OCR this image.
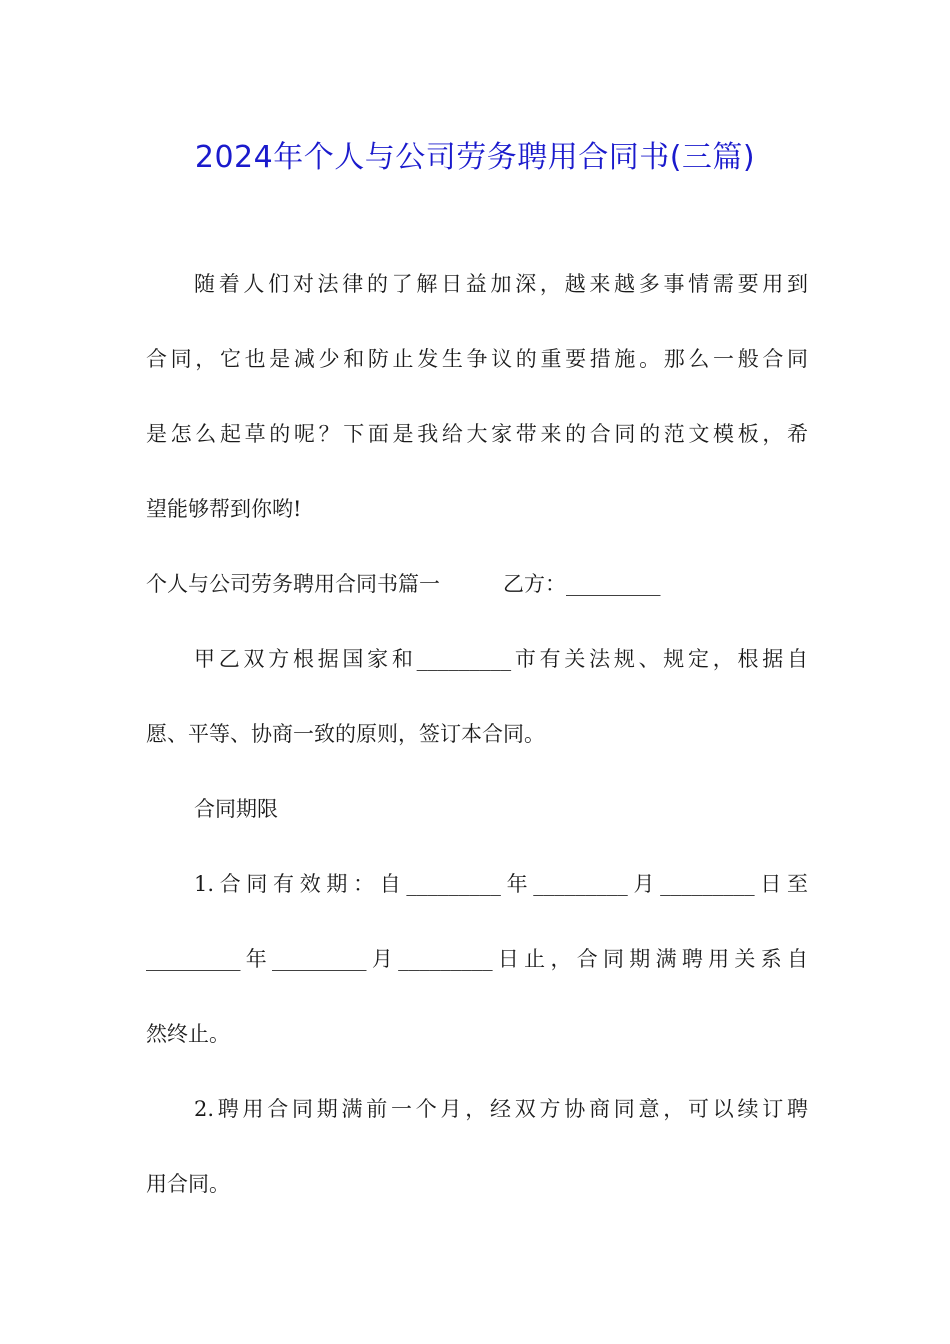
2024年个人与公司劳务聘用合同书(三篇)
随着人们对法律的了解日益加深，越来越多事情需要用到
合同，它也是减少和防止发生争议的重要措施。那么一般合同
是怎么起草的呢？下面是我给大家带来的合同的范文模板，希
望能够帮到你哟!
个人与公司劳务聘用合同书篇一　　　乙方：_________
甲乙双方根据国家和_________市有关法规、规定，根据自
愿、平等、协商一致的原则，签订本合同。
合同期限
1.合同有效期：自_________年_________月_________日至
_________年_________月_________日止，合同期满聘用关系自
然终止。
2.聘用合同期满前一个月，经双方协商同意，可以续订聘
用合同。
